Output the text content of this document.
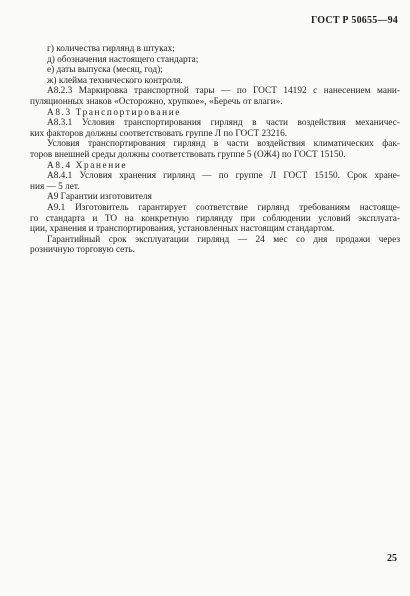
ГОСТ Р 50655—94
г) количества гирлянд в штуках;
д) обозначения настоящего стандарта;
е) даты выпуска (месяц, год);
ж) клейма технического контроля.
А8.2.3 Маркировка транспортной тары — по ГОСТ 14192 с нанесением мани-
пуляционных знаков «Осторожно, хрупкое», «Беречь от влаги».
А8.3 Транспортирование
А8.3.1 Условия транспортирования гирлянд в части воздействия механичес-
ких факторов должны соответствовать группе Л по ГОСТ 23216.
Условия транспортирования гирлянд в части воздействия климатических фак-
торов внешней среды должны соответствовать группе 5 (ОЖ4) по ГОСТ 15150.
А8.4 Хранение
А8.4.1 Условия хранения гирлянд — по группе Л ГОСТ 15150. Срок хране-
ния — 5 лет.
А9 Гарантии изготовителя
А9.1 Изготовитель гарантирует соответствие гирлянд требованиям настояще-
го стандарта и ТО на конкретную гирлянду при соблюдении условий эксплуата-
ции, хранения и транспортирования, установленных настоящим стандартом.
Гарантийный срок эксплуатации гирлянд — 24 мес со дня продажи через
розничную торговую сеть.
25
